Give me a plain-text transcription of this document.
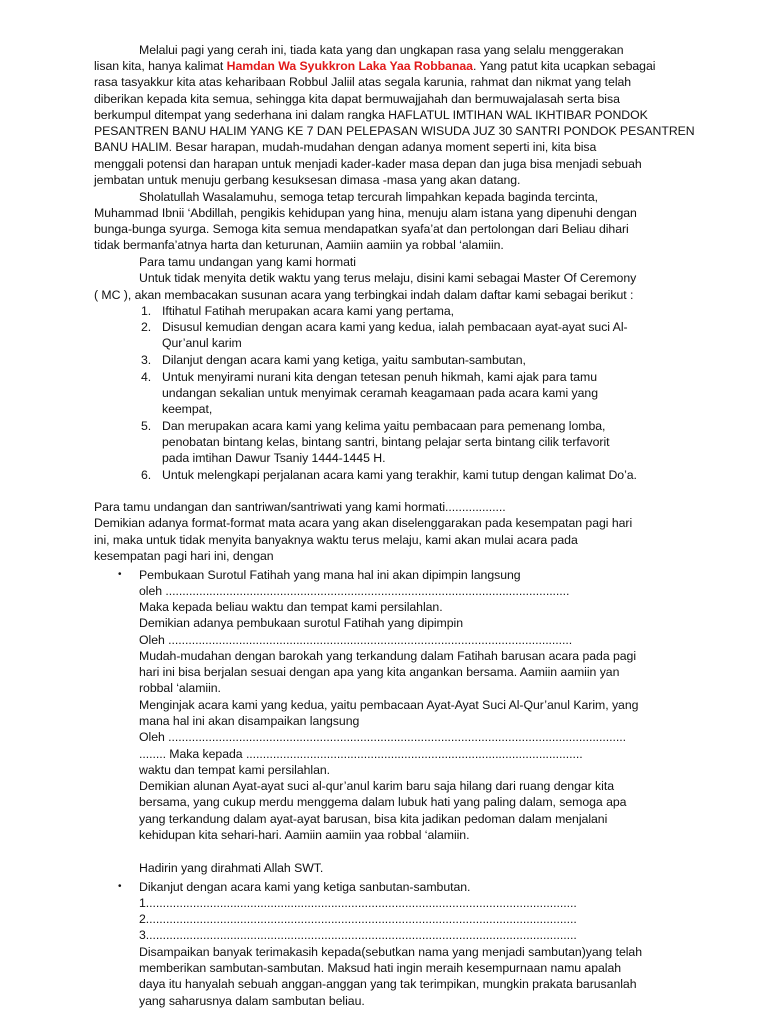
Melalui pagi yang cerah ini, tiada kata yang dan ungkapan rasa yang selalu menggerakan
lisan kita, hanya kalimat Hamdan Wa Syukkron Laka Yaa Robbanaa. Yang patut kita ucapkan sebagai
rasa tasyakkur kita atas keharibaan Robbul Jaliil atas segala karunia, rahmat dan nikmat yang telah
diberikan kepada kita semua, sehingga kita dapat bermuwajjahah dan bermuwajalasah serta bisa
berkumpul ditempat yang sederhana ini dalam rangka HAFLATUL IMTIHAN WAL IKHTIBAR PONDOK
PESANTREN BANU HALIM YANG KE 7 DAN PELEPASAN WISUDA JUZ 30 SANTRI PONDOK PESANTREN
BANU HALIM. Besar harapan, mudah-mudahan dengan adanya moment seperti ini, kita bisa
menggali potensi dan harapan untuk menjadi kader-kader masa depan dan juga bisa menjadi sebuah
jembatan untuk menuju gerbang kesuksesan dimasa -masa yang akan datang.
Sholatullah Wasalamuhu, semoga tetap tercurah limpahkan kepada baginda tercinta,
Muhammad Ibnii ‘Abdillah, pengikis kehidupan yang hina, menuju alam istana yang dipenuhi dengan
bunga-bunga syurga. Semoga kita semua mendapatkan syafa’at dan pertolongan dari Beliau dihari
tidak bermanfa’atnya harta dan keturunan, Aamiin aamiin ya robbal ‘alamiin.
Para tamu undangan yang kami hormati
Untuk tidak menyita detik waktu yang terus melaju, disini kami sebagai Master Of Ceremony
( MC ), akan membacakan susunan acara yang terbingkai indah dalam daftar kami sebagai berikut :
1. Iftihatul Fatihah merupakan acara kami yang pertama,
2. Disusul kemudian dengan acara kami yang kedua, ialah pembacaan ayat-ayat suci Al-
Qur’anul karim
3. Dilanjut dengan acara kami yang ketiga, yaitu sambutan-sambutan,
4. Untuk menyirami nurani kita dengan tetesan penuh hikmah, kami ajak para tamu
undangan sekalian untuk menyimak ceramah keagamaan pada acara kami yang
keempat,
5. Dan merupakan acara kami yang kelima yaitu pembacaan para pemenang lomba,
penobatan bintang kelas, bintang santri, bintang pelajar serta bintang cilik terfavorit
pada imtihan Dawur Tsaniy 1444-1445 H.
6. Untuk melengkapi perjalanan acara kami yang terakhir, kami tutup dengan kalimat Do’a.
Para tamu undangan dan santriwan/santriwati yang kami hormati..................
Demikian adanya format-format mata acara yang akan diselenggarakan pada kesempatan pagi hari
ini, maka untuk tidak menyita banyaknya waktu terus melaju, kami akan mulai acara pada
kesempatan pagi hari ini, dengan
• Pembukaan Surotul Fatihah yang mana hal ini akan dipimpin langsung
oleh ........................................................................................................................
Maka kepada beliau waktu dan tempat kami persilahlan.
Demikian adanya pembukaan surotul Fatihah yang dipimpin
Oleh ........................................................................................................................
Mudah-mudahan dengan barokah yang terkandung dalam Fatihah barusan acara pada pagi
hari ini bisa berjalan sesuai dengan apa yang kita angankan bersama. Aamiin aamiin yan
robbal ‘alamiin.
Menginjak acara kami yang kedua, yaitu pembacaan Ayat-Ayat Suci Al-Qur’anul Karim, yang
mana hal ini akan disampaikan langsung
Oleh ........................................................................................................................................
........ Maka kepada ....................................................................................................
waktu dan tempat kami persilahlan.
Demikian alunan Ayat-ayat suci al-qur’anul karim baru saja hilang dari ruang dengar kita
bersama, yang cukup merdu menggema dalam lubuk hati yang paling dalam, semoga apa
yang terkandung dalam ayat-ayat barusan, bisa kita jadikan pedoman dalam menjalani
kehidupan kita sehari-hari. Aamiin aamiin yaa robbal ‘alamiin.
Hadirin yang dirahmati Allah SWT.
• Dikanjut dengan acara kami yang ketiga sanbutan-sambutan.
1................................................................................................................................
2................................................................................................................................
3................................................................................................................................
Disampaikan banyak terimakasih kepada(sebutkan nama yang menjadi sambutan)yang telah
memberikan sambutan-sambutan. Maksud hati ingin meraih kesempurnaan namu apalah
daya itu hanyalah sebuah anggan-anggan yang tak terimpikan, mungkin prakata barusanlah
yang saharusnya dalam sambutan beliau.
